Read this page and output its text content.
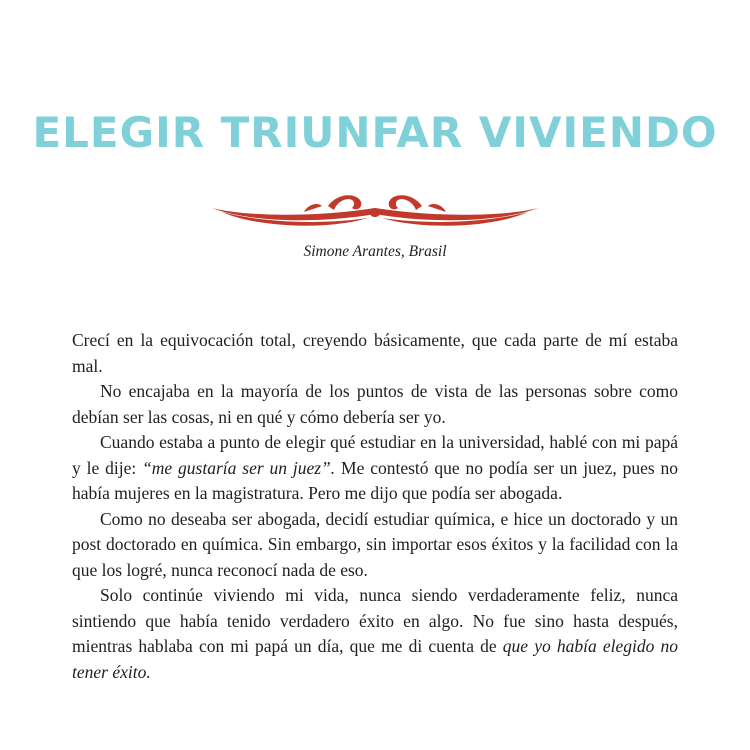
ELEGIR TRIUNFAR VIVIENDO

Simone Arantes, Brasil

Crecí en la equivocación total, creyendo básicamente, que cada parte de mí estaba mal.

No encajaba en la mayoría de los puntos de vista de las personas sobre como debían ser las cosas, ni en qué y cómo debería ser yo.

Cuando estaba a punto de elegir qué estudiar en la universidad, hablé con mi papá y le dije: “me gustaría ser un juez”. Me contestó que no podía ser un juez, pues no había mujeres en la magistratura. Pero me dijo que podía ser abogada.

Como no deseaba ser abogada, decidí estudiar química, e hice un doctorado y un post doctorado en química. Sin embargo, sin importar esos éxitos y la facilidad con la que los logré, nunca reconocí nada de eso.

Solo continúe viviendo mi vida, nunca siendo verdaderamente feliz, nunca sintiendo que había tenido verdadero éxito en algo. No fue sino hasta después, mientras hablaba con mi papá un día, que me di cuenta de que yo había elegido no tener éxito.
